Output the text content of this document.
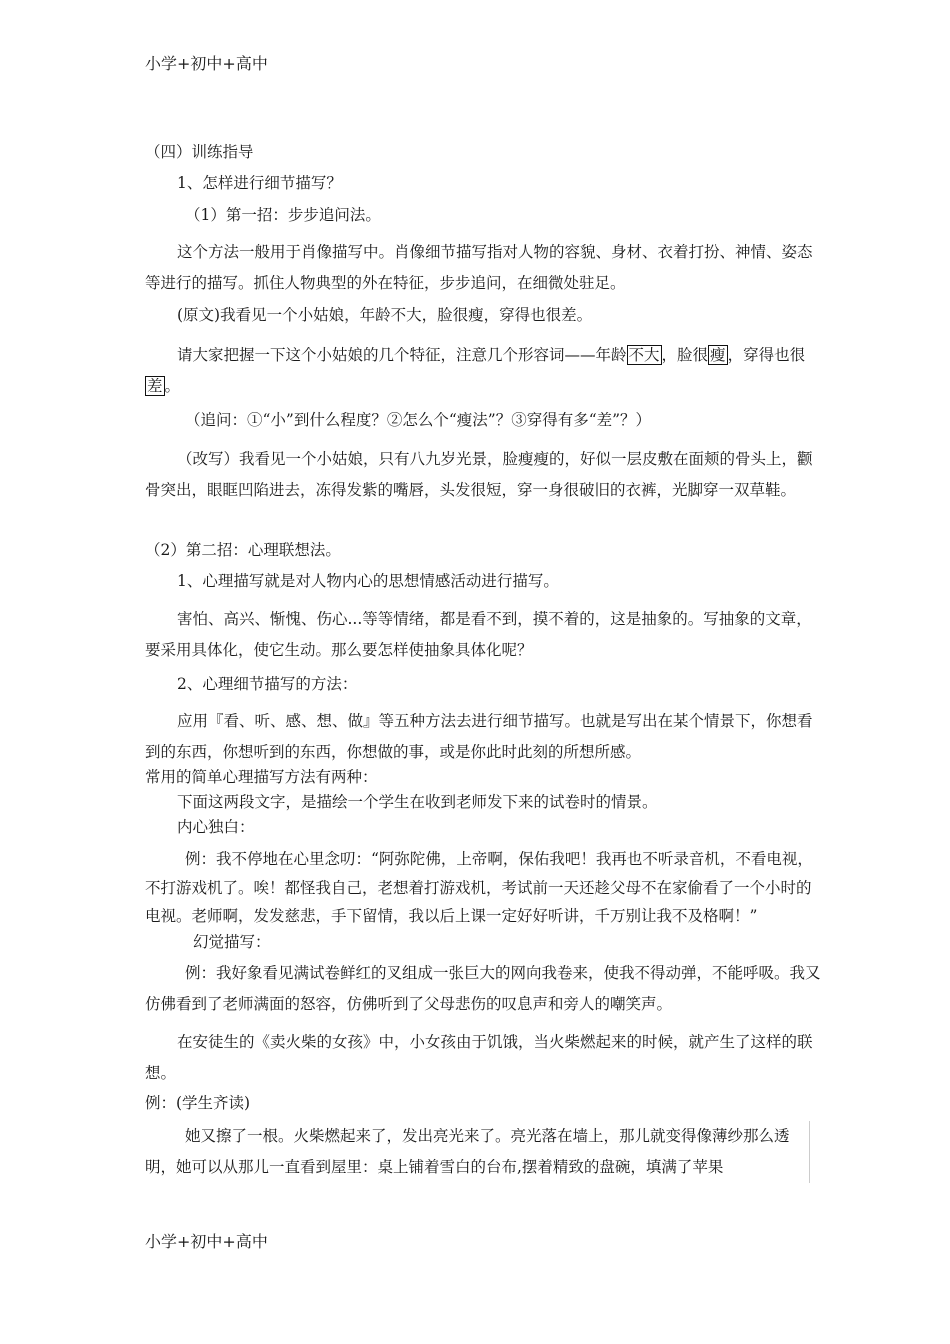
小学+初中+高中

（四）训练指导

1、怎样进行细节描写？

（1）第一招：步步追问法。

这个方法一般用于肖像描写中。肖像细节描写指对人物的容貌、身材、衣着打扮、神情、姿态等进行的描写。抓住人物典型的外在特征，步步追问，在细微处驻足。

(原文)我看见一个小姑娘，年龄不大，脸很瘦，穿得也很差。

请大家把握一下这个小姑娘的几个特征，注意几个形容词——年龄 不大 ，脸很 瘦 ，穿得也很差 。

（追问：①“小”到什么程度？②怎么个“瘦法”？③穿得有多“差”？）

（改写）我看见一个小姑娘，只有八九岁光景，脸瘦瘦的，好似一层皮敷在面颊的骨头上，颧骨突出，眼眶凹陷进去，冻得发紫的嘴唇，头发很短，穿一身很破旧的衣裤，光脚穿一双草鞋。

（2）第二招：心理联想法。

1、心理描写就是对人物内心的思想情感活动进行描写。

害怕、高兴、惭愧、伤心...等等情绪，都是看不到，摸不着的，这是抽象的。写抽象的文章，要采用具体化，使它生动。那么要怎样使抽象具体化呢？

2、心理细节描写的方法：

应用『看、听、感、想、做』等五种方法去进行细节描写。也就是写出在某个情景下，你想看到的东西，你想听到的东西，你想做的事，或是你此时此刻的所想所感。

常用的简单心理描写方法有两种：

下面这两段文字，是描绘一个学生在收到老师发下来的试卷时的情景。

内心独白：

例：我不停地在心里念叨：“阿弥陀佛，上帝啊，保佑我吧！我再也不听录音机，不看电视，不打游戏机了。唉！都怪我自己，老想着打游戏机，考试前一天还趁父母不在家偷看了一个小时的电视。老师啊，发发慈悲，手下留情，我以后上课一定好好听讲，千万别让我不及格啊！”

幻觉描写：

例：我好象看见满试卷鲜红的叉组成一张巨大的网向我卷来，使我不得动弹，不能呼吸。我又仿佛看到了老师满面的怒容，仿佛听到了父母悲伤的叹息声和旁人的嘲笑声。

在安徒生的《卖火柴的女孩》中，小女孩由于饥饿，当火柴燃起来的时候，就产生了这样的联想。

例：(学生齐读)

她又擦了一根。火柴燃起来了，发出亮光来了。亮光落在墙上，那儿就变得像薄纱那么透明，她可以从那儿一直看到屋里：桌上铺着雪白的台布,摆着精致的盘碗，填满了苹果

小学+初中+高中
